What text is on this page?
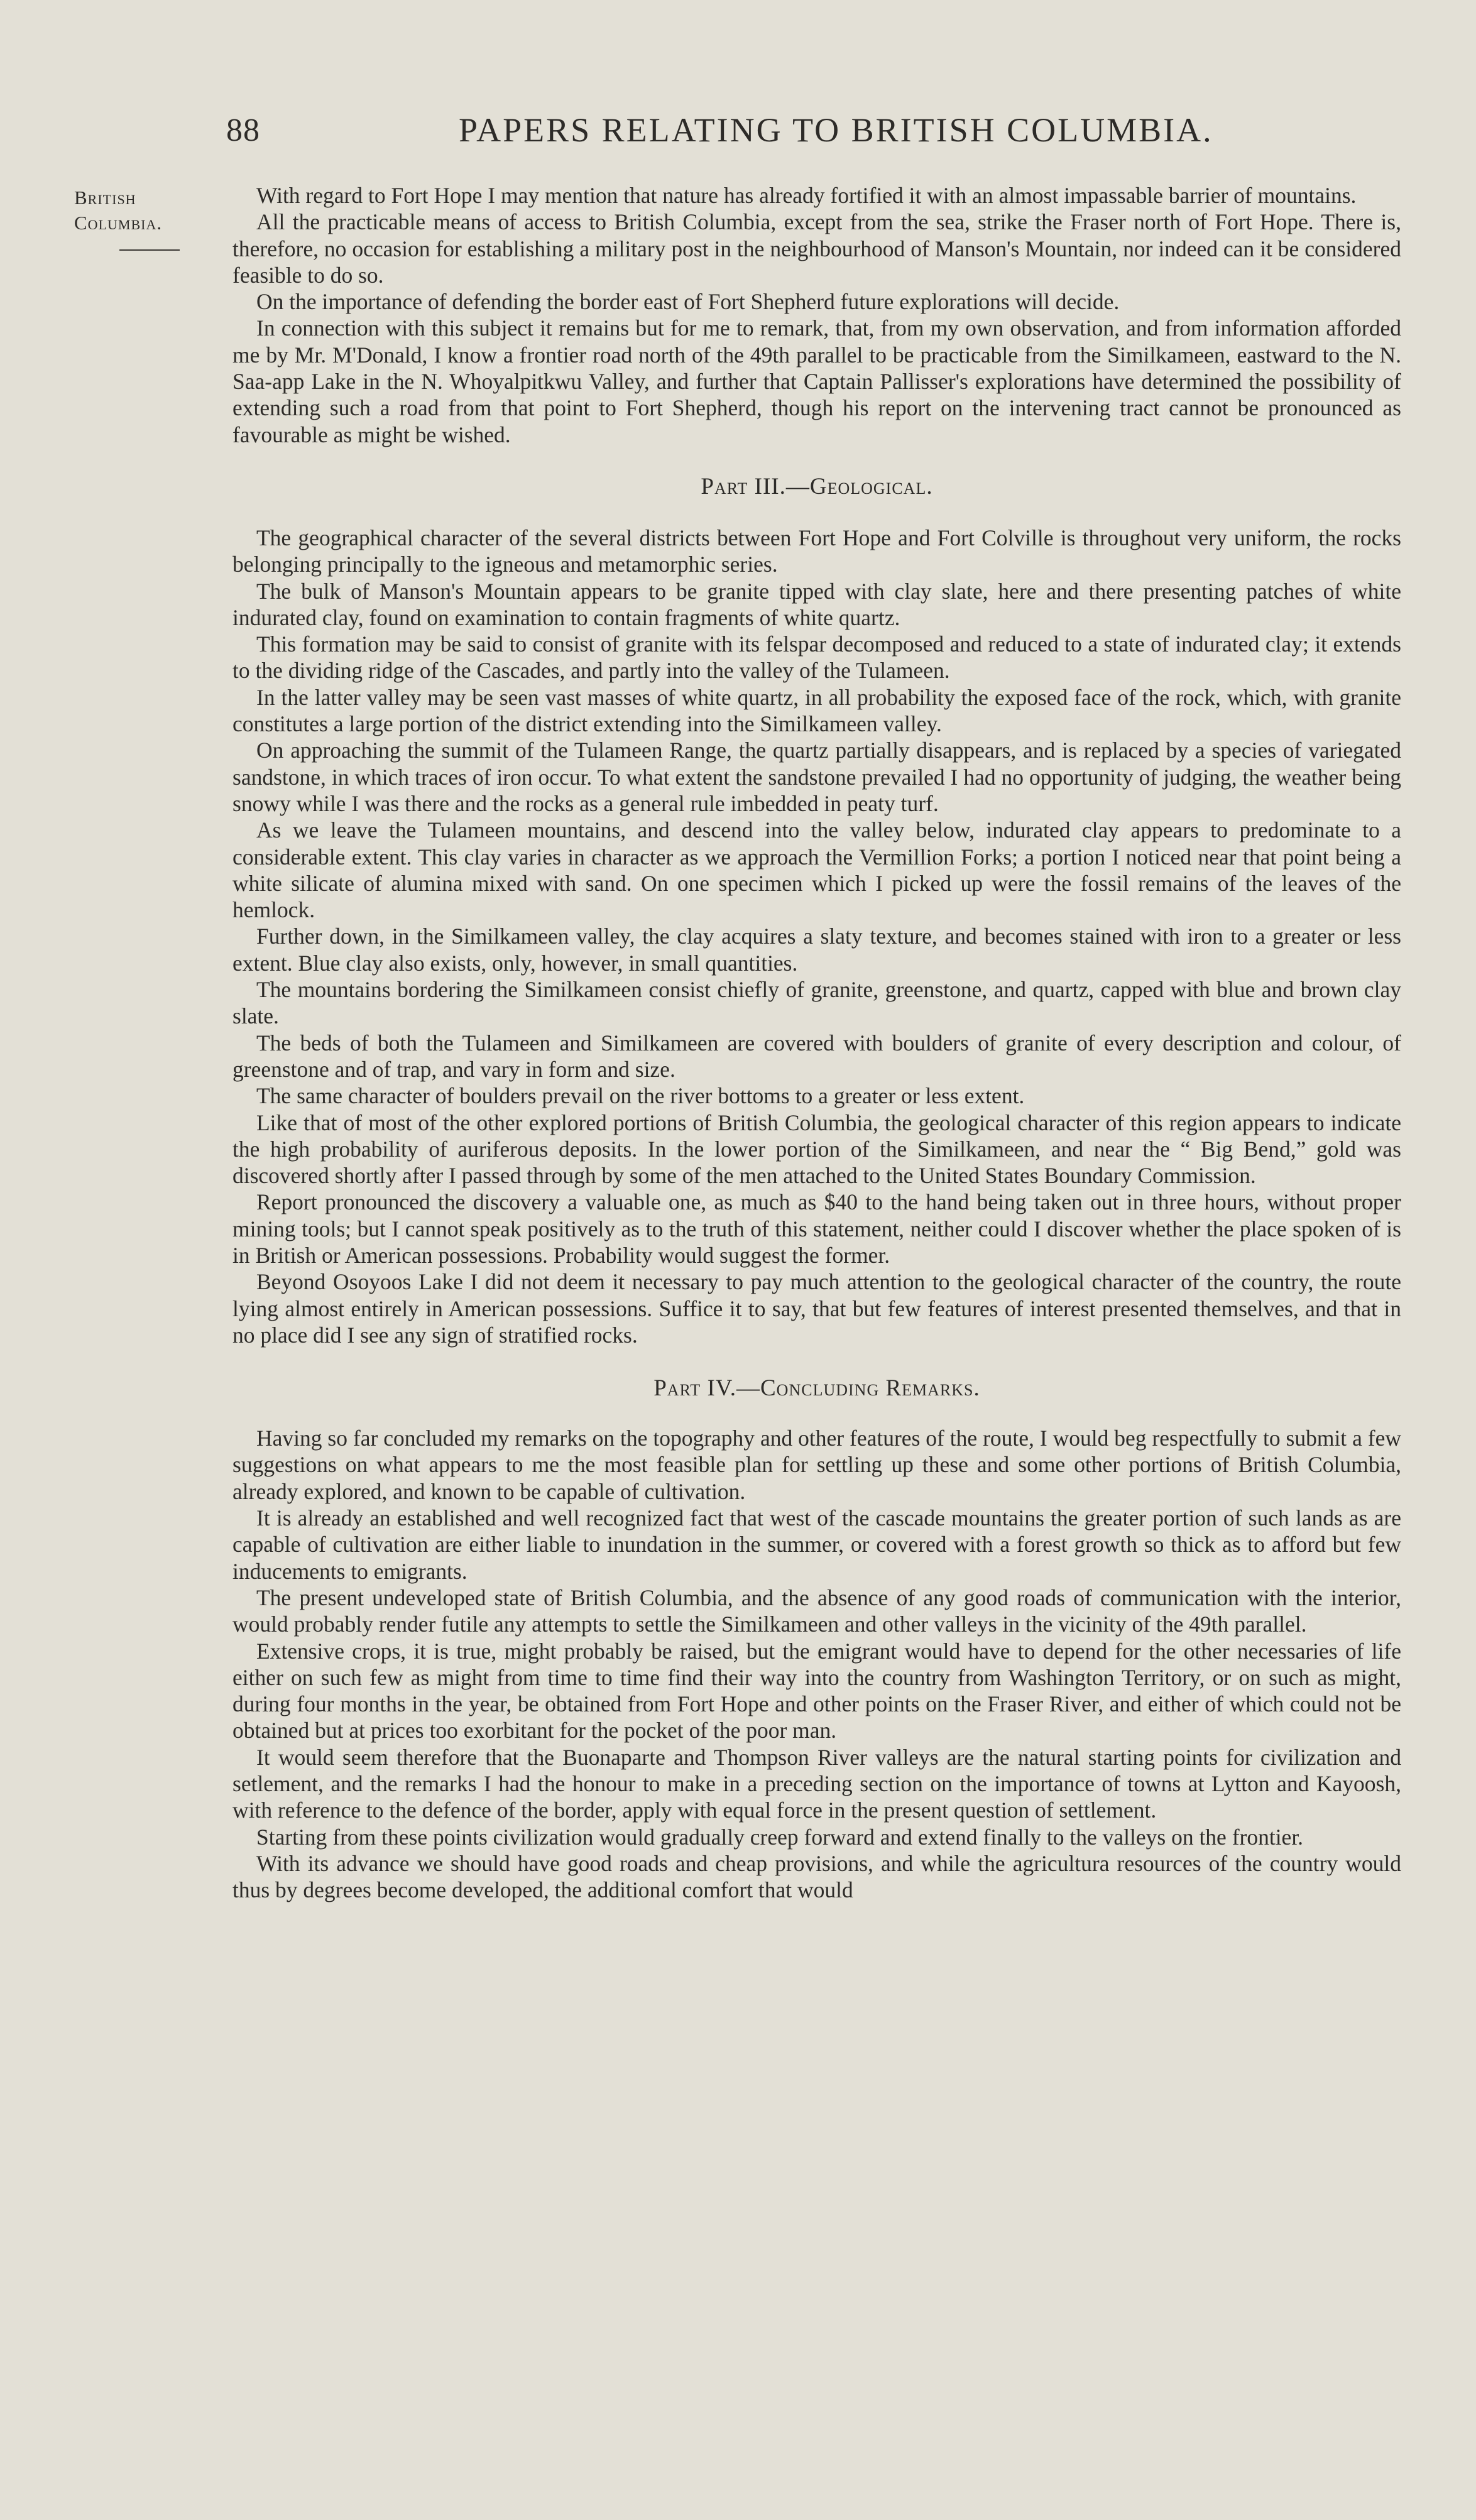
88	PAPERS RELATING TO BRITISH COLUMBIA.
British
Columbia.

With regard to Fort Hope I may mention that nature has already fortified it with an almost impassable barrier of mountains.

All the practicable means of access to British Columbia, except from the sea, strike the Fraser north of Fort Hope. There is, therefore, no occasion for establishing a military post in the neighbourhood of Manson's Mountain, nor indeed can it be considered feasible to do so.

On the importance of defending the border east of Fort Shepherd future explorations will decide.

In connection with this subject it remains but for me to remark, that, from my own observation, and from information afforded me by Mr. M'Donald, I know a frontier road north of the 49th parallel to be practicable from the Similkameen, eastward to the N. Saa-app Lake in the N. Whoyalpitkwu Valley, and further that Captain Pallisser's explorations have determined the possibility of extending such a road from that point to Fort Shepherd, though his report on the intervening tract cannot be pronounced as favourable as might be wished.

Part III.—Geological.

The geographical character of the several districts between Fort Hope and Fort Colville is throughout very uniform, the rocks belonging principally to the igneous and metamorphic series.

The bulk of Manson's Mountain appears to be granite tipped with clay slate, here and there presenting patches of white indurated clay, found on examination to contain fragments of white quartz.

This formation may be said to consist of granite with its felspar decomposed and reduced to a state of indurated clay; it extends to the dividing ridge of the Cascades, and partly into the valley of the Tulameen.

In the latter valley may be seen vast masses of white quartz, in all probability the exposed face of the rock, which, with granite constitutes a large portion of the district extending into the Similkameen valley.

On approaching the summit of the Tulameen Range, the quartz partially disappears, and is replaced by a species of variegated sandstone, in which traces of iron occur. To what extent the sandstone prevailed I had no opportunity of judging, the weather being snowy while I was there and the rocks as a general rule imbedded in peaty turf.

As we leave the Tulameen mountains, and descend into the valley below, indurated clay appears to predominate to a considerable extent. This clay varies in character as we approach the Vermillion Forks; a portion I noticed near that point being a white silicate of alumina mixed with sand. On one specimen which I picked up were the fossil remains of the leaves of the hemlock.

Further down, in the Similkameen valley, the clay acquires a slaty texture, and becomes stained with iron to a greater or less extent. Blue clay also exists, only, however, in small quantities.

The mountains bordering the Similkameen consist chiefly of granite, greenstone, and quartz, capped with blue and brown clay slate.

The beds of both the Tulameen and Similkameen are covered with boulders of granite of every description and colour, of greenstone and of trap, and vary in form and size.

The same character of boulders prevail on the river bottoms to a greater or less extent.

Like that of most of the other explored portions of British Columbia, the geological character of this region appears to indicate the high probability of auriferous deposits. In the lower portion of the Similkameen, and near the “ Big Bend,” gold was discovered shortly after I passed through by some of the men attached to the United States Boundary Commission.

Report pronounced the discovery a valuable one, as much as $40 to the hand being taken out in three hours, without proper mining tools; but I cannot speak positively as to the truth of this statement, neither could I discover whether the place spoken of is in British or American possessions. Probability would suggest the former.

Beyond Osoyoos Lake I did not deem it necessary to pay much attention to the geological character of the country, the route lying almost entirely in American possessions. Suffice it to say, that but few features of interest presented themselves, and that in no place did I see any sign of stratified rocks.

Part IV.—Concluding Remarks.

Having so far concluded my remarks on the topography and other features of the route, I would beg respectfully to submit a few suggestions on what appears to me the most feasible plan for settling up these and some other portions of British Columbia, already explored, and known to be capable of cultivation.

It is already an established and well recognized fact that west of the cascade mountains the greater portion of such lands as are capable of cultivation are either liable to inundation in the summer, or covered with a forest growth so thick as to afford but few inducements to emigrants.

The present undeveloped state of British Columbia, and the absence of any good roads of communication with the interior, would probably render futile any attempts to settle the Similkameen and other valleys in the vicinity of the 49th parallel.

Extensive crops, it is true, might probably be raised, but the emigrant would have to depend for the other necessaries of life either on such few as might from time to time find their way into the country from Washington Territory, or on such as might, during four months in the year, be obtained from Fort Hope and other points on the Fraser River, and either of which could not be obtained but at prices too exorbitant for the pocket of the poor man.

It would seem therefore that the Buonaparte and Thompson River valleys are the natural starting points for civilization and setlement, and the remarks I had the honour to make in a preceding section on the importance of towns at Lytton and Kayoosh, with reference to the defence of the border, apply with equal force in the present question of settlement.

Starting from these points civilization would gradually creep forward and extend finally to the valleys on the frontier.

With its advance we should have good roads and cheap provisions, and while the agricultura resources of the country would thus by degrees become developed, the additional comfort that would
